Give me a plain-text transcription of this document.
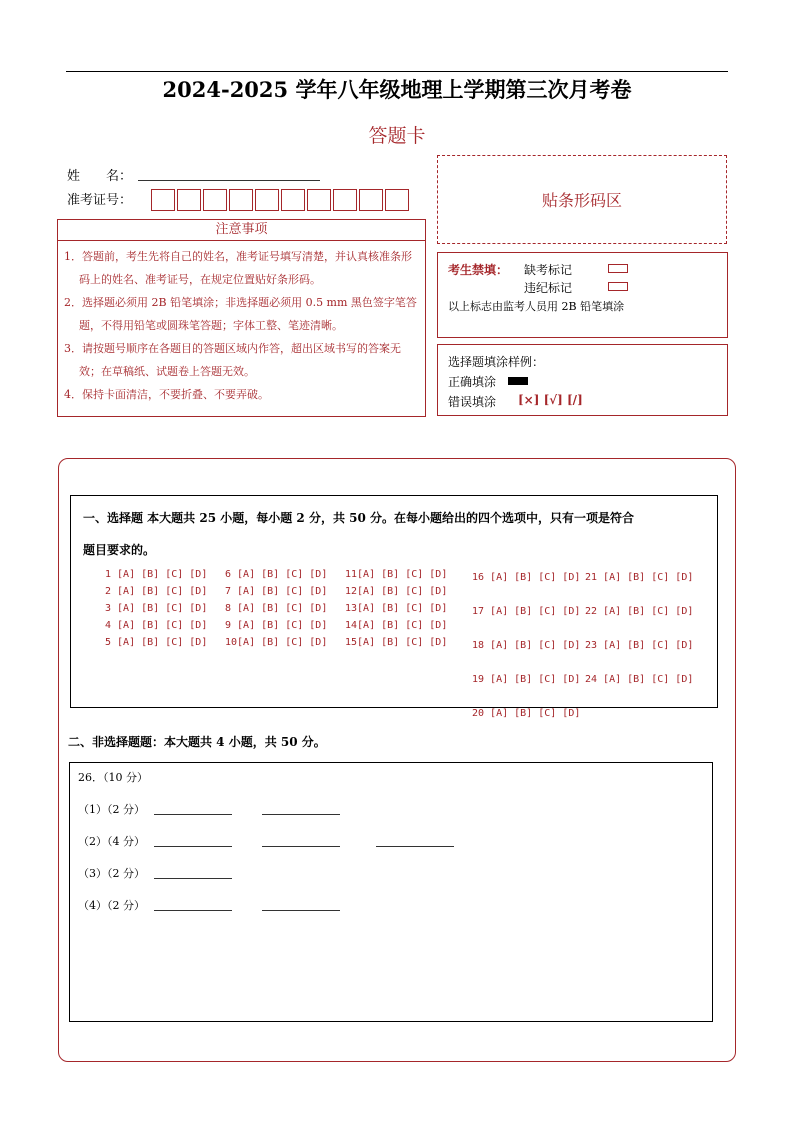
2024-2025 学年八年级地理上学期第三次月考卷
答题卡
姓　　名：
准考证号：	贴条形码区
注意事项

1．答题前，考生先将自己的姓名，准考证号填写清楚，并认真核准条形码上的姓名、准考证号，在规定位置贴好条形码。

2．选择题必须用 2B 铅笔填涂；非选择题必须用 0.5 mm 黑色签字笔答题，不得用铅笔或圆珠笔答题；字体工整、笔迹清晰。

3．请按题号顺序在各题目的答题区域内作答，超出区域书写的答案无效；在草稿纸、试题卷上答题无效。

4．保持卡面清洁，不要折叠、不要弄破。

考生禁填： 缺考标记
违纪标记
以上标志由监考人员用 2B 铅笔填涂
选择题填涂样例：
正确填涂
错误填涂 [×] [√] [/]
一、选择题 本大题共 25 小题，每小题 2 分，共 50 分。在每小题给出的四个选项中，只有一项是符合
题目要求的。
1 [A] [B] [C] [D]
2 [A] [B] [C] [D]
3 [A] [B] [C] [D]
4 [A] [B] [C] [D]
5 [A] [B] [C] [D]
6 [A] [B] [C] [D]
7 [A] [B] [C] [D]
8 [A] [B] [C] [D]
9 [A] [B] [C] [D]
10[A] [B] [C] [D]
11[A] [B] [C] [D]
12[A] [B] [C] [D]
13[A] [B] [C] [D]
14[A] [B] [C] [D]
15[A] [B] [C] [D]
16 [A] [B] [C] [D]
17 [A] [B] [C] [D]
18 [A] [B] [C] [D]
19 [A] [B] [C] [D]
20 [A] [B] [C] [D]
21 [A] [B] [C] [D]
22 [A] [B] [C] [D]
23 [A] [B] [C] [D]
24 [A] [B] [C] [D]
二、非选择题题：本大题共 4 小题，共 50 分。
26．（10 分）
（1）（2 分）
（2）（4 分）
（3）（2 分）
（4）（2 分）
